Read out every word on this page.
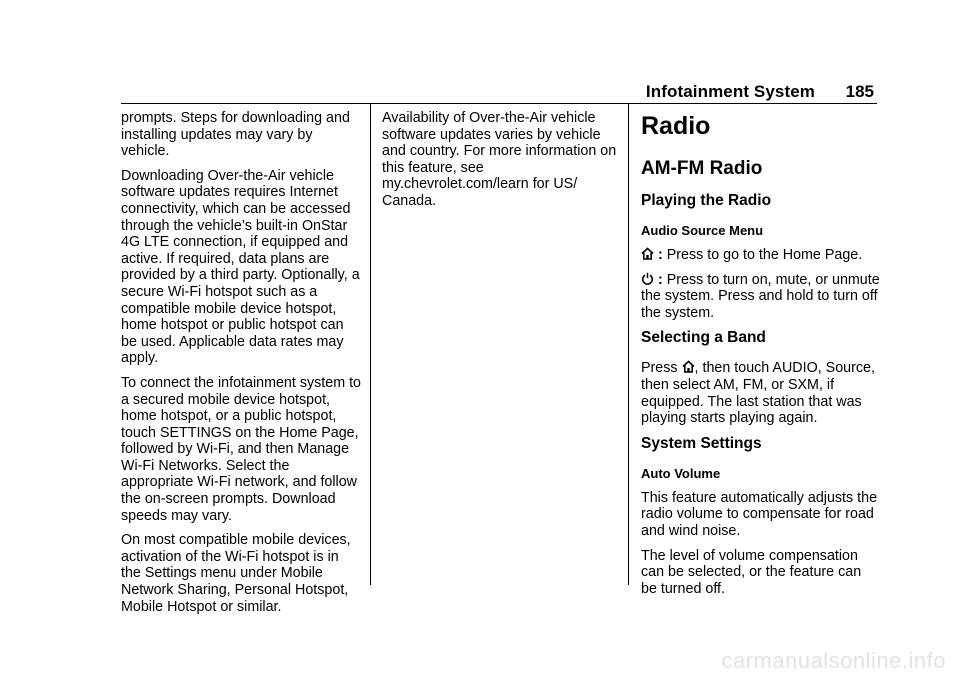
Infotainment System 185

prompts. Steps for downloading and installing updates may vary by vehicle.

Downloading Over-the-Air vehicle software updates requires Internet connectivity, which can be accessed through the vehicle’s built-in OnStar 4G LTE connection, if equipped and active. If required, data plans are provided by a third party. Optionally, a secure Wi-Fi hotspot such as a compatible mobile device hotspot, home hotspot or public hotspot can be used. Applicable data rates may apply.

To connect the infotainment system to a secured mobile device hotspot, home hotspot, or a public hotspot, touch SETTINGS on the Home Page, followed by Wi-Fi, and then Manage Wi-Fi Networks. Select the appropriate Wi-Fi network, and follow the on-screen prompts. Download speeds may vary.

On most compatible mobile devices, activation of the Wi-Fi hotspot is in the Settings menu under Mobile Network Sharing, Personal Hotspot, Mobile Hotspot or similar.

Availability of Over-the-Air vehicle software updates varies by vehicle and country. For more information on this feature, see my.chevrolet.com/learn for US/ Canada.

Radio
AM-FM Radio
Playing the Radio
Audio Source Menu

: Press to go to the Home Page.

: Press to turn on, mute, or unmute the system. Press and hold to turn off the system.

Selecting a Band

Press , then touch AUDIO, Source, then select AM, FM, or SXM, if equipped. The last station that was playing starts playing again.

System Settings
Auto Volume

This feature automatically adjusts the radio volume to compensate for road and wind noise.

The level of volume compensation can be selected, or the feature can be turned off.

carmanualsonline.info
